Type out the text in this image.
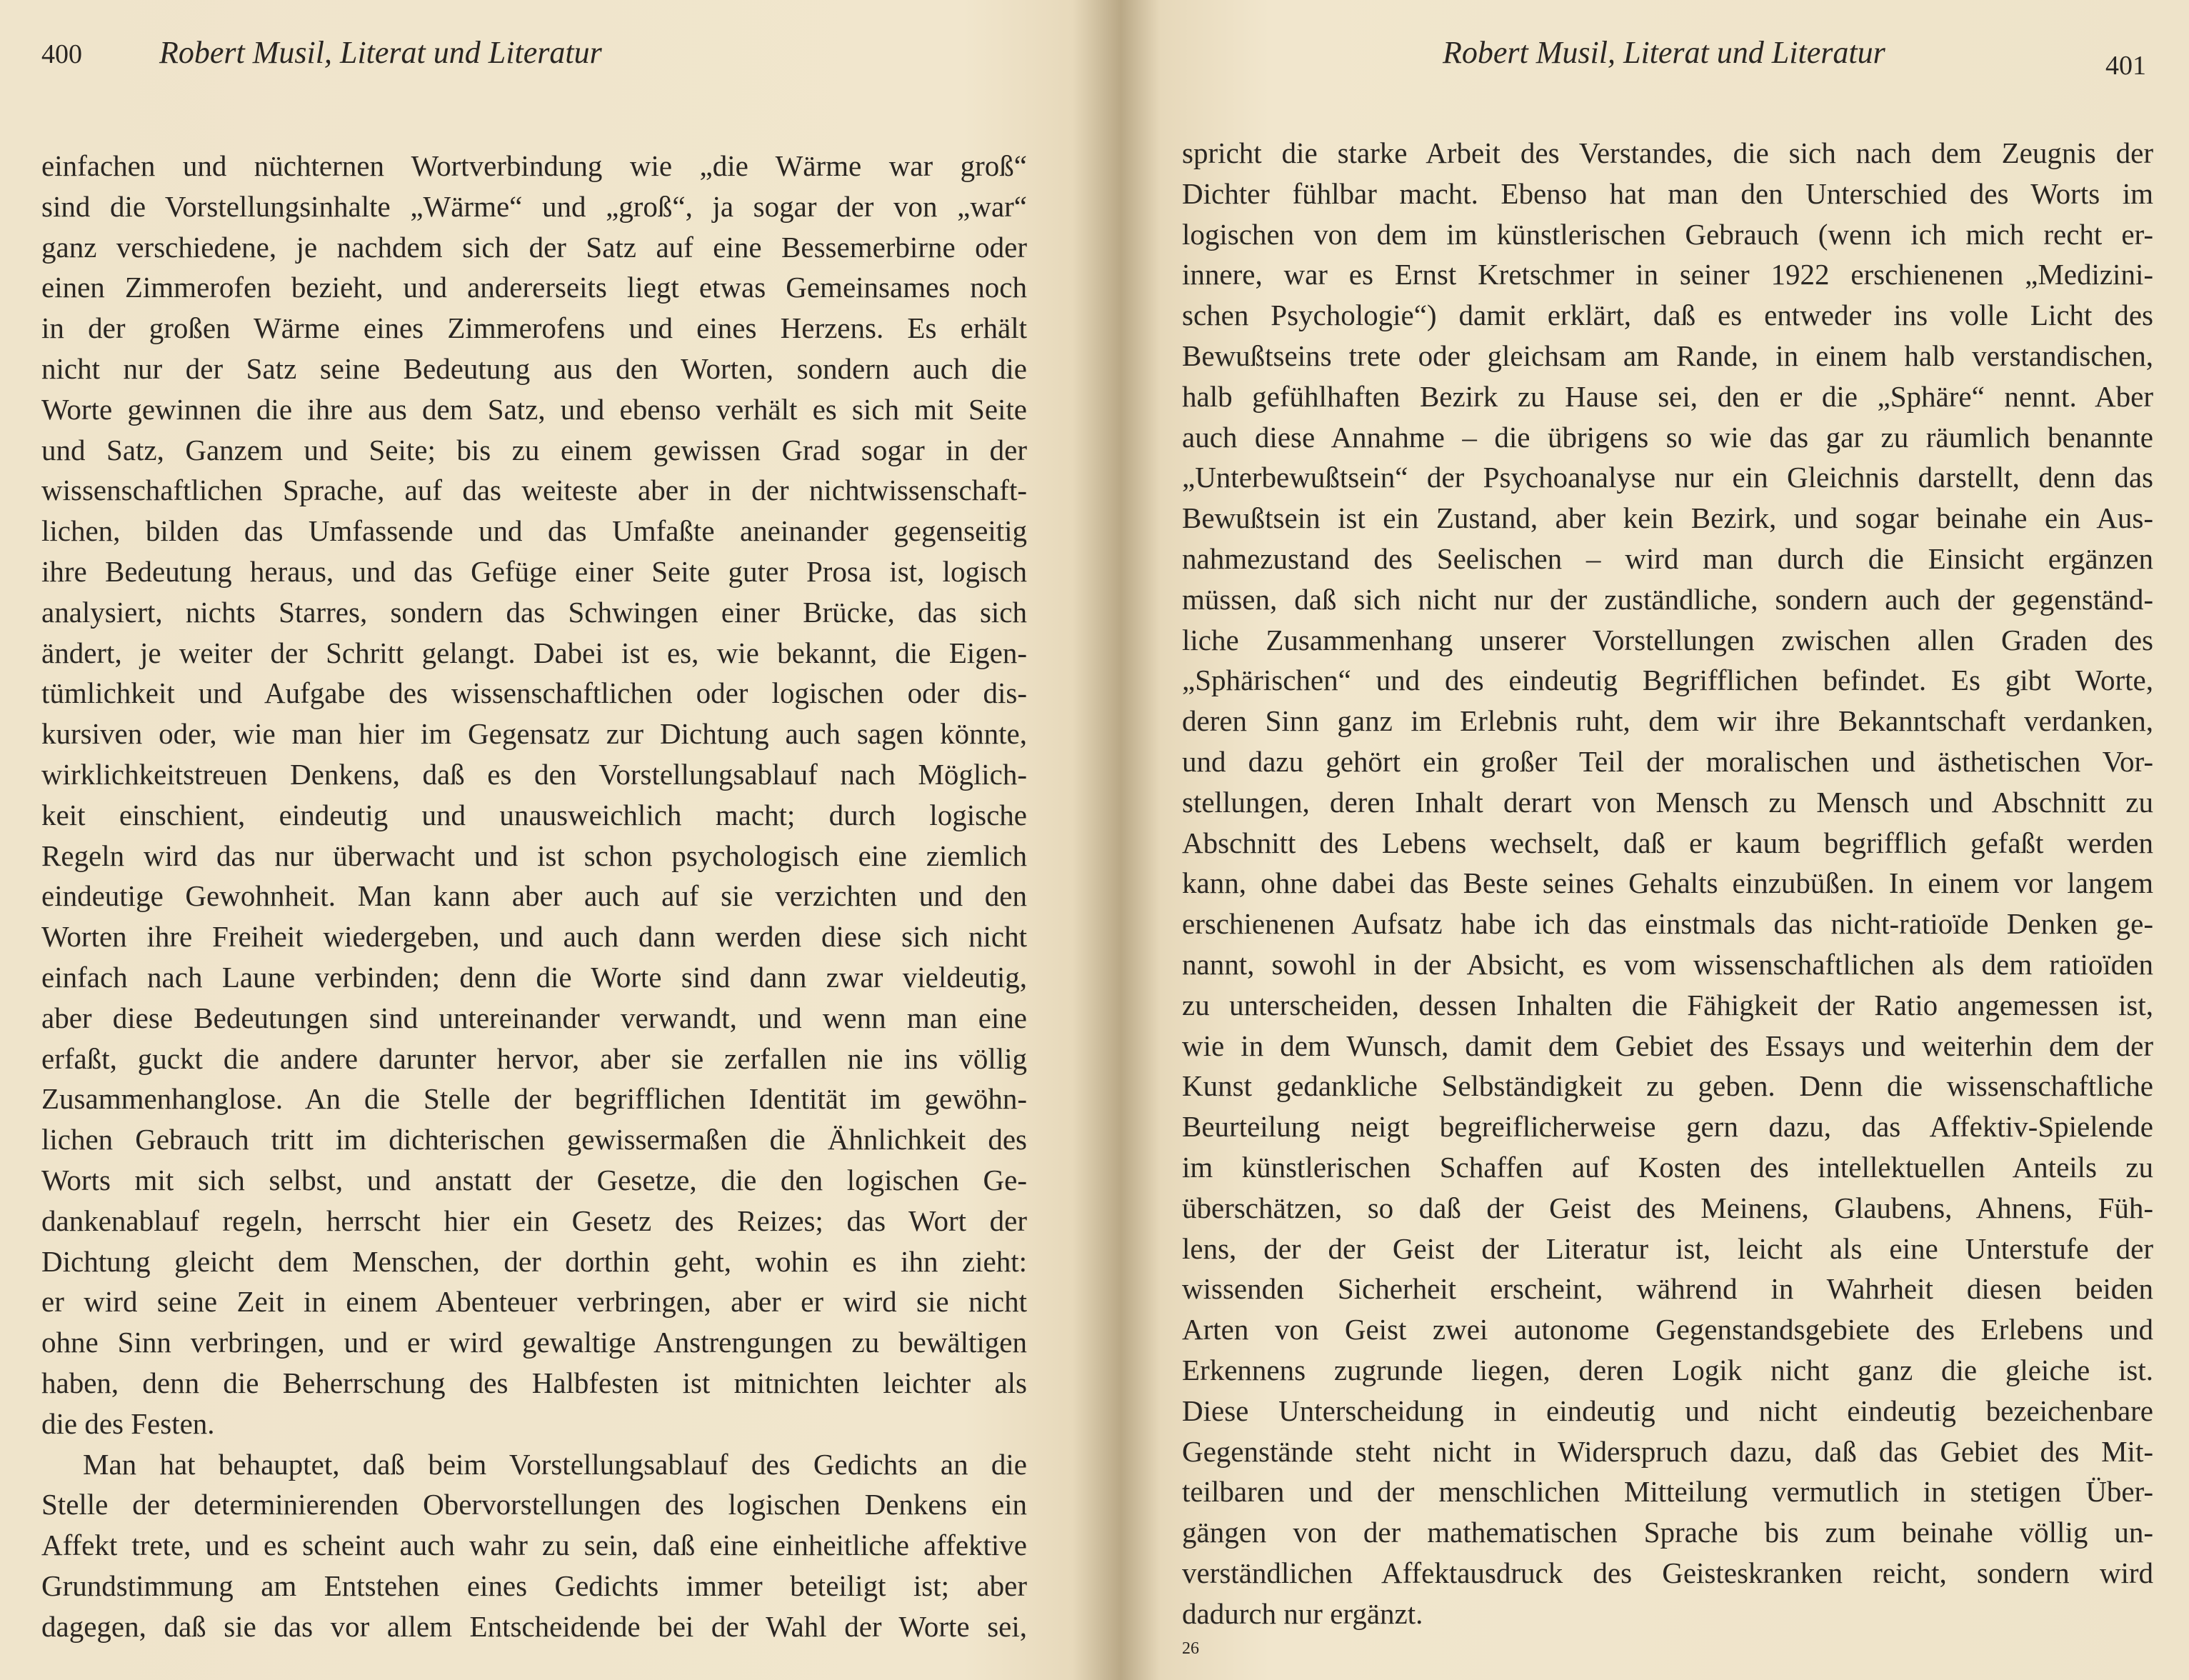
400 Robert Musil, Literat und Literatur
einfachen und nüchternen Wortverbindung wie „die Wärme war groß“
sind die Vorstellungsinhalte „Wärme“ und „groß“, ja sogar der von „war“
ganz verschiedene, je nachdem sich der Satz auf eine Bessemerbirne oder
einen Zimmerofen bezieht, und andererseits liegt etwas Gemeinsames noch
in der großen Wärme eines Zimmerofens und eines Herzens. Es erhält
nicht nur der Satz seine Bedeutung aus den Worten, sondern auch die
Worte gewinnen die ihre aus dem Satz, und ebenso verhält es sich mit Seite
und Satz, Ganzem und Seite; bis zu einem gewissen Grad sogar in der
wissenschaftlichen Sprache, auf das weiteste aber in der nichtwissenschaft-
lichen, bilden das Umfassende und das Umfaßte aneinander gegenseitig
ihre Bedeutung heraus, und das Gefüge einer Seite guter Prosa ist, logisch
analysiert, nichts Starres, sondern das Schwingen einer Brücke, das sich
ändert, je weiter der Schritt gelangt. Dabei ist es, wie bekannt, die Eigen-
tümlichkeit und Aufgabe des wissenschaftlichen oder logischen oder dis-
kursiven oder, wie man hier im Gegensatz zur Dichtung auch sagen könnte,
wirklichkeitstreuen Denkens, daß es den Vorstellungsablauf nach Möglich-
keit einschient, eindeutig und unausweichlich macht; durch logische
Regeln wird das nur überwacht und ist schon psychologisch eine ziemlich
eindeutige Gewohnheit. Man kann aber auch auf sie verzichten und den
Worten ihre Freiheit wiedergeben, und auch dann werden diese sich nicht
einfach nach Laune verbinden; denn die Worte sind dann zwar vieldeutig,
aber diese Bedeutungen sind untereinander verwandt, und wenn man eine
erfaßt, guckt die andere darunter hervor, aber sie zerfallen nie ins völlig
Zusammenhanglose. An die Stelle der begrifflichen Identität im gewöhn-
lichen Gebrauch tritt im dichterischen gewissermaßen die Ähnlichkeit des
Worts mit sich selbst, und anstatt der Gesetze, die den logischen Ge-
dankenablauf regeln, herrscht hier ein Gesetz des Reizes; das Wort der
Dichtung gleicht dem Menschen, der dorthin geht, wohin es ihn zieht:
er wird seine Zeit in einem Abenteuer verbringen, aber er wird sie nicht
ohne Sinn verbringen, und er wird gewaltige Anstrengungen zu bewältigen
haben, denn die Beherrschung des Halbfesten ist mitnichten leichter als
die des Festen.
Man hat behauptet, daß beim Vorstellungsablauf des Gedichts an die
Stelle der determinierenden Obervorstellungen des logischen Denkens ein
Affekt trete, und es scheint auch wahr zu sein, daß eine einheitliche affektive
Grundstimmung am Entstehen eines Gedichts immer beteiligt ist; aber
dagegen, daß sie das vor allem Entscheidende bei der Wahl der Worte sei,
Robert Musil, Literat und Literatur	401
spricht die starke Arbeit des Verstandes, die sich nach dem Zeugnis der
Dichter fühlbar macht. Ebenso hat man den Unterschied des Worts im
logischen von dem im künstlerischen Gebrauch (wenn ich mich recht er-
innere, war es Ernst Kretschmer in seiner 1922 erschienenen „Medizini-
schen Psychologie“) damit erklärt, daß es entweder ins volle Licht des
Bewußtseins trete oder gleichsam am Rande, in einem halb verstandischen,
halb gefühlhaften Bezirk zu Hause sei, den er die „Sphäre“ nennt. Aber
auch diese Annahme – die übrigens so wie das gar zu räumlich benannte
„Unterbewußtsein“ der Psychoanalyse nur ein Gleichnis darstellt, denn das
Bewußtsein ist ein Zustand, aber kein Bezirk, und sogar beinahe ein Aus-
nahmezustand des Seelischen – wird man durch die Einsicht ergänzen
müssen, daß sich nicht nur der zuständliche, sondern auch der gegenständ-
liche Zusammenhang unserer Vorstellungen zwischen allen Graden des
„Sphärischen“ und des eindeutig Begrifflichen befindet. Es gibt Worte,
deren Sinn ganz im Erlebnis ruht, dem wir ihre Bekanntschaft verdanken,
und dazu gehört ein großer Teil der moralischen und ästhetischen Vor-
stellungen, deren Inhalt derart von Mensch zu Mensch und Abschnitt zu
Abschnitt des Lebens wechselt, daß er kaum begrifflich gefaßt werden
kann, ohne dabei das Beste seines Gehalts einzubüßen. In einem vor langem
erschienenen Aufsatz habe ich das einstmals das nicht-ratioïde Denken ge-
nannt, sowohl in der Absicht, es vom wissenschaftlichen als dem ratioïden
zu unterscheiden, dessen Inhalten die Fähigkeit der Ratio angemessen ist,
wie in dem Wunsch, damit dem Gebiet des Essays und weiterhin dem der
Kunst gedankliche Selbständigkeit zu geben. Denn die wissenschaftliche
Beurteilung neigt begreiflicherweise gern dazu, das Affektiv-Spielende
im künstlerischen Schaffen auf Kosten des intellektuellen Anteils zu
überschätzen, so daß der Geist des Meinens, Glaubens, Ahnens, Füh-
lens, der der Geist der Literatur ist, leicht als eine Unterstufe der
wissenden Sicherheit erscheint, während in Wahrheit diesen beiden
Arten von Geist zwei autonome Gegenstandsgebiete des Erlebens und
Erkennens zugrunde liegen, deren Logik nicht ganz die gleiche ist.
Diese Unterscheidung in eindeutig und nicht eindeutig bezeichenbare
Gegenstände steht nicht in Widerspruch dazu, daß das Gebiet des Mit-
teilbaren und der menschlichen Mitteilung vermutlich in stetigen Über-
gängen von der mathematischen Sprache bis zum beinahe völlig un-
verständlichen Affektausdruck des Geisteskranken reicht, sondern wird
dadurch nur ergänzt.
26
